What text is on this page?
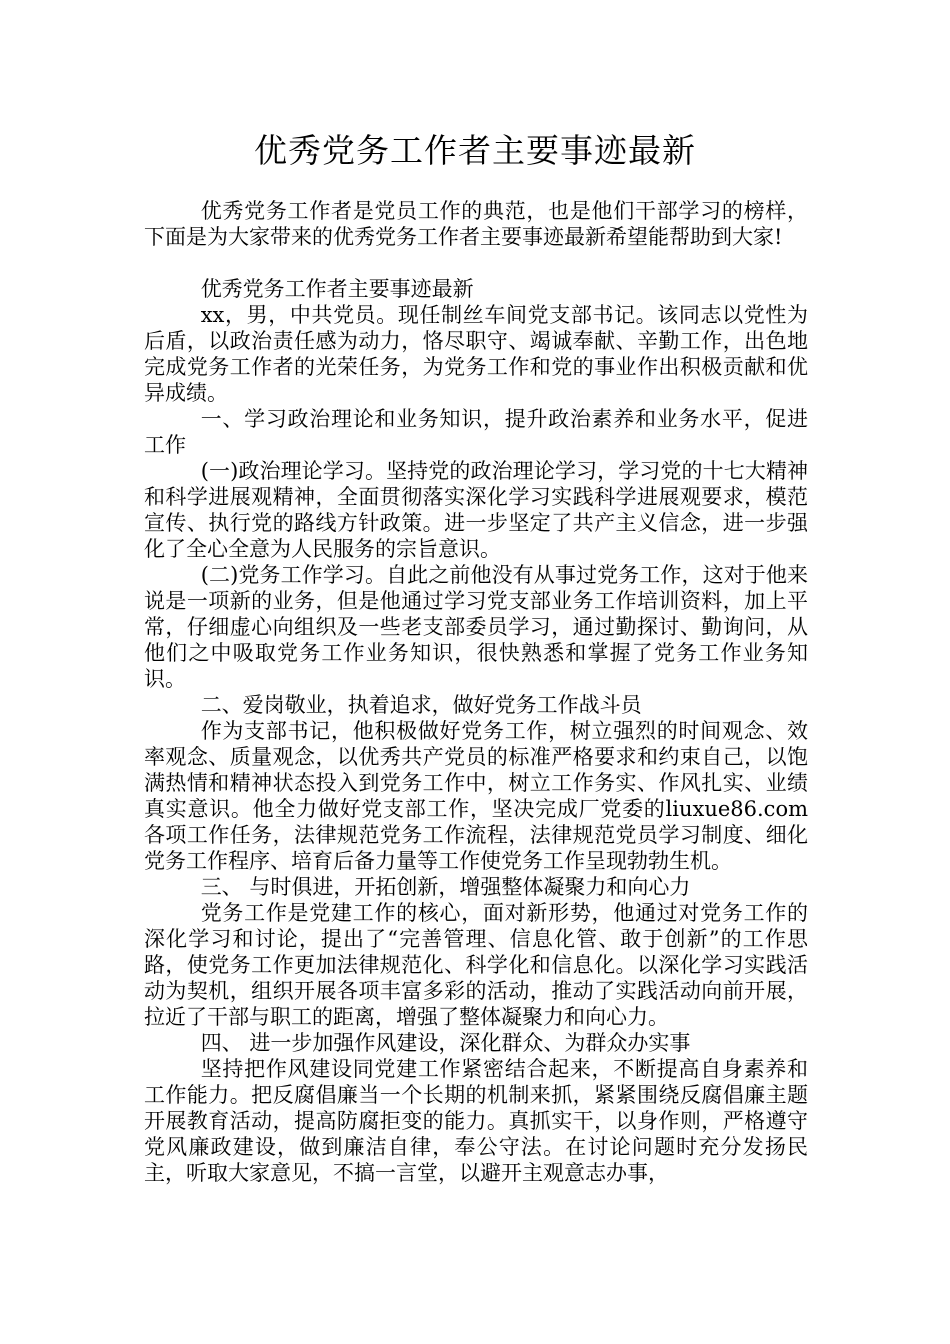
优秀党务工作者主要事迹最新

优秀党务工作者是党员工作的典范，也是他们干部学习的榜样，下面是为大家带来的优秀党务工作者主要事迹最新希望能帮助到大家!

优秀党务工作者主要事迹最新

xx，男，中共党员。现任制丝车间党支部书记。该同志以党性为后盾，以政治责任感为动力，恪尽职守、竭诚奉献、辛勤工作，出色地完成党务工作者的光荣任务，为党务工作和党的事业作出积极贡献和优异成绩。

一、学习政治理论和业务知识，提升政治素养和业务水平，促进工作

(一)政治理论学习。坚持党的政治理论学习，学习党的十七大精神和科学进展观精神，全面贯彻落实深化学习实践科学进展观要求，模范宣传、执行党的路线方针政策。进一步坚定了共产主义信念，进一步强化了全心全意为人民服务的宗旨意识。

(二)党务工作学习。自此之前他没有从事过党务工作，这对于他来说是一项新的业务，但是他通过学习党支部业务工作培训资料，加上平常，仔细虚心向组织及一些老支部委员学习，通过勤探讨、勤询问，从他们之中吸取党务工作业务知识，很快熟悉和掌握了党务工作业务知识。

二、爱岗敬业，执着追求，做好党务工作战斗员

作为支部书记，他积极做好党务工作，树立强烈的时间观念、效率观念、质量观念，以优秀共产党员的标准严格要求和约束自己，以饱满热情和精神状态投入到党务工作中，树立工作务实、作风扎实、业绩真实意识。他全力做好党支部工作，坚决完成厂党委的liuxue86.com各项工作任务，法律规范党务工作流程，法律规范党员学习制度、细化党务工作程序、培育后备力量等工作使党务工作呈现勃勃生机。

三、 与时俱进，开拓创新，增强整体凝聚力和向心力

党务工作是党建工作的核心，面对新形势，他通过对党务工作的深化学习和讨论，提出了“完善管理、信息化管、敢于创新”的工作思路，使党务工作更加法律规范化、科学化和信息化。以深化学习实践活动为契机，组织开展各项丰富多彩的活动，推动了实践活动向前开展，拉近了干部与职工的距离，增强了整体凝聚力和向心力。

四、 进一步加强作风建设，深化群众、为群众办实事

坚持把作风建设同党建工作紧密结合起来，不断提高自身素养和工作能力。把反腐倡廉当一个长期的机制来抓，紧紧围绕反腐倡廉主题开展教育活动，提高防腐拒变的能力。真抓实干，以身作则，严格遵守党风廉政建设，做到廉洁自律，奉公守法。在讨论问题时充分发扬民主，听取大家意见，不搞一言堂，以避开主观意志办事，
